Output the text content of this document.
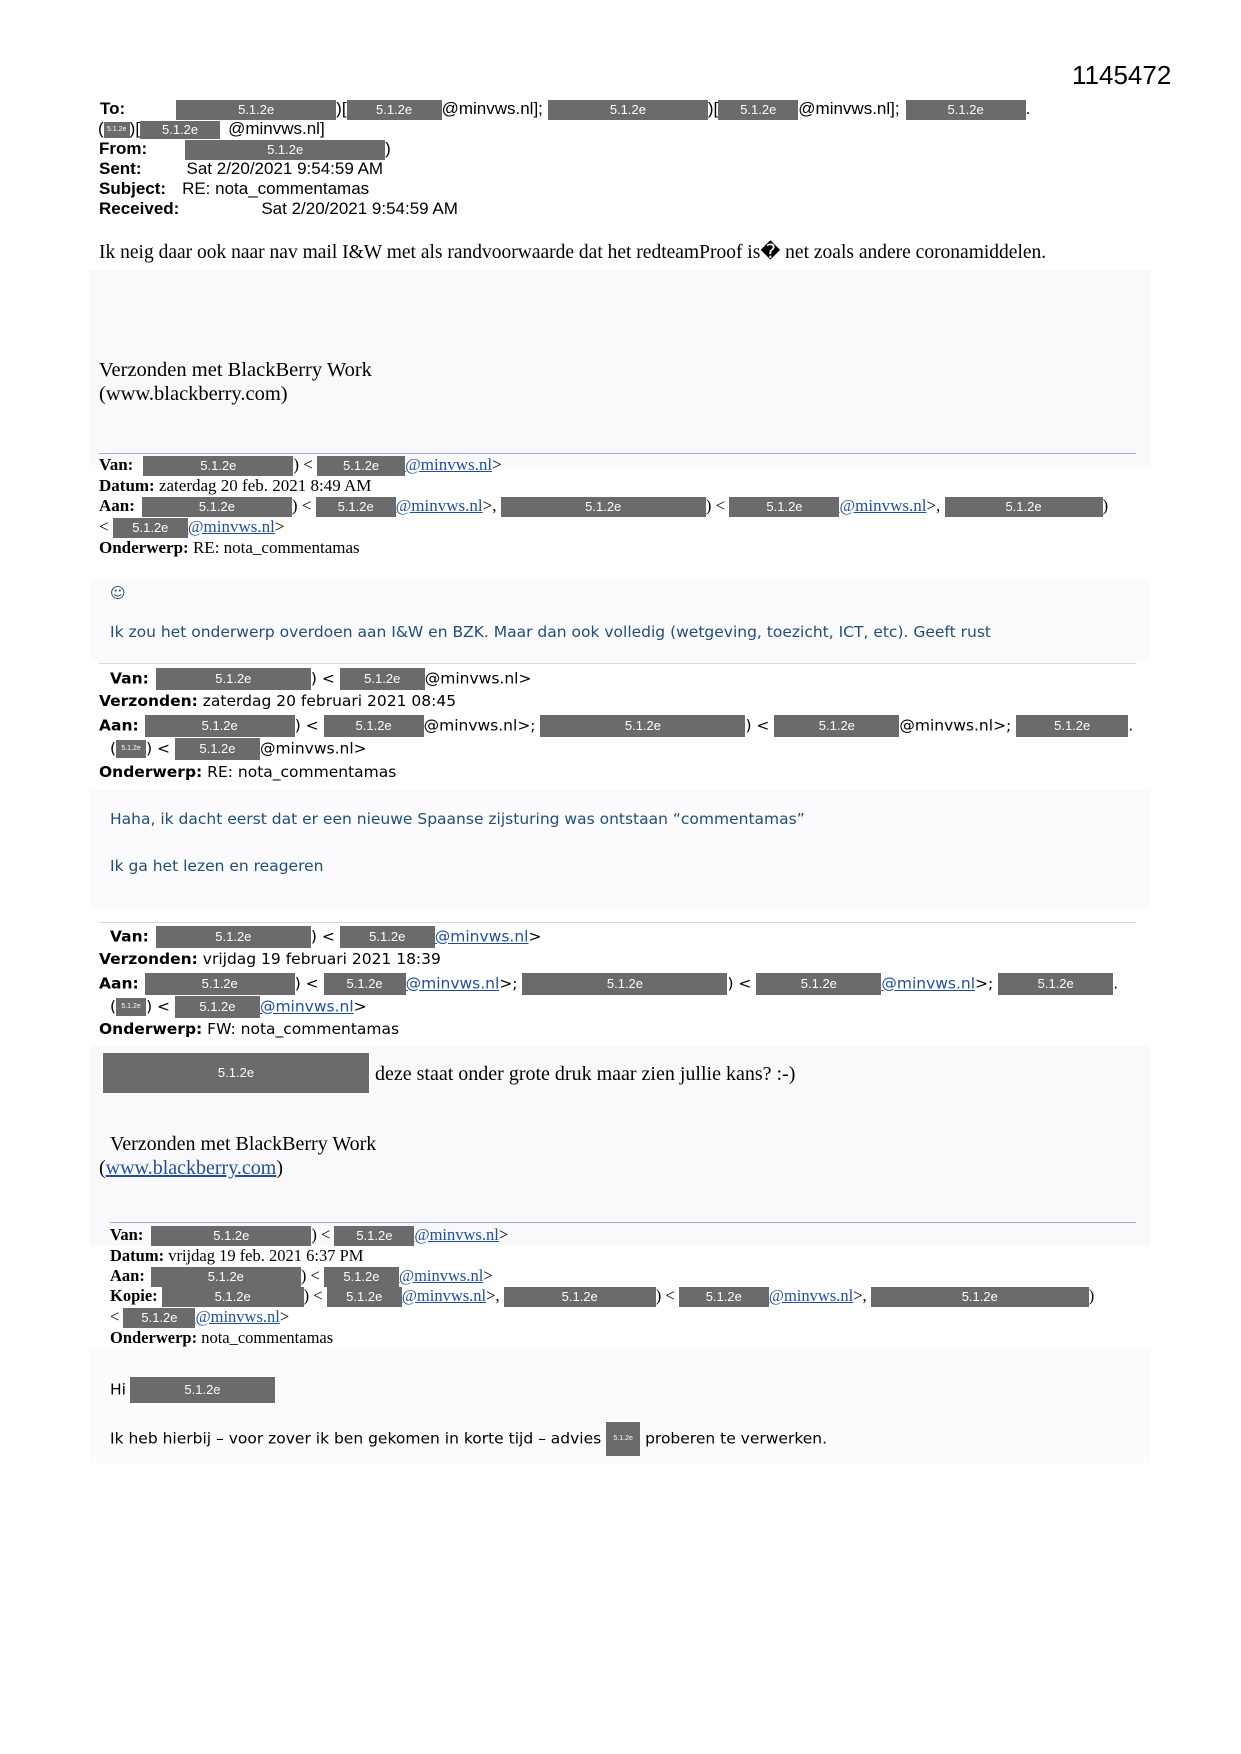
1145472
To:	5.1.2e	)[ 5.1.2e @minvws.nl];	5.1.2e	)[ 5.1.2e @minvws.nl];	5.1.2e .
( 5.1.2e )[ 5.1.2e @minvws.nl]
From:	5.1.2e	)
Sent:	Sat 2/20/2021 9:54:59 AM
Subject: RE: nota_commentamas
Received:	Sat 2/20/2021 9:54:59 AM
Ik neig daar ook naar nav mail I&W met als randvoorwaarde dat het redteamProof is� net zoals andere coronamiddelen.
Verzonden met BlackBerry Work
(www.blackberry.com)
Van:	5.1.2e	) < 5.1.2e @minvws.nl>
Datum: zaterdag 20 feb. 2021 8:49 AM
Aan:	5.1.2e	) < 5.1.2e @minvws.nl>,	5.1.2e	) <	5.1.2e @minvws.nl>,	5.1.2e	)
< 5.1.2e @minvws.nl>
Onderwerp: RE: nota_commentamas
☺
Ik zou het onderwerp overdoen aan I&W en BZK. Maar dan ook volledig (wetgeving, toezicht, ICT, etc). Geeft rust
Van:	5.1.2e	) < 5.1.2e @minvws.nl>
Verzonden: zaterdag 20 februari 2021 08:45
Aan:	5.1.2e	) < 5.1.2e @minvws.nl>;	5.1.2e	) <	5.1.2e	@minvws.nl>;	5.1.2e .
( 5.1.2e ) < 5.1.2e @minvws.nl>
Onderwerp: RE: nota_commentamas
Haha, ik dacht eerst dat er een nieuwe Spaanse zijsturing was ontstaan “commentamas”
Ik ga het lezen en reageren
Van:	5.1.2e	) < 5.1.2e @minvws.nl>
Verzonden: vrijdag 19 februari 2021 18:39
Aan:	5.1.2e	) < 5.1.2e @minvws.nl>;	5.1.2e	) <	5.1.2e	@minvws.nl>;	5.1.2e	.
( 5.1.2e ) < 5.1.2e @minvws.nl>
Onderwerp: FW: nota_commentamas
5.1.2e	deze staat onder grote druk maar zien jullie kans? :-)
Verzonden met BlackBerry Work
(www.blackberry.com)
Van:	5.1.2e	) < 5.1.2e @minvws.nl>
Datum: vrijdag 19 feb. 2021 6:37 PM
Aan:	5.1.2e	) < 5.1.2e @minvws.nl>
Kopie:	5.1.2e	) < 5.1.2e @minvws.nl>,	5.1.2e	) < 5.1.2e @minvws.nl>,	5.1.2e	)
< 5.1.2e @minvws.nl>
Onderwerp: nota_commentamas
Hi	5.1.2e
Ik heb hierbij – voor zover ik ben gekomen in korte tijd – advies 5.1.2e proberen te verwerken.
